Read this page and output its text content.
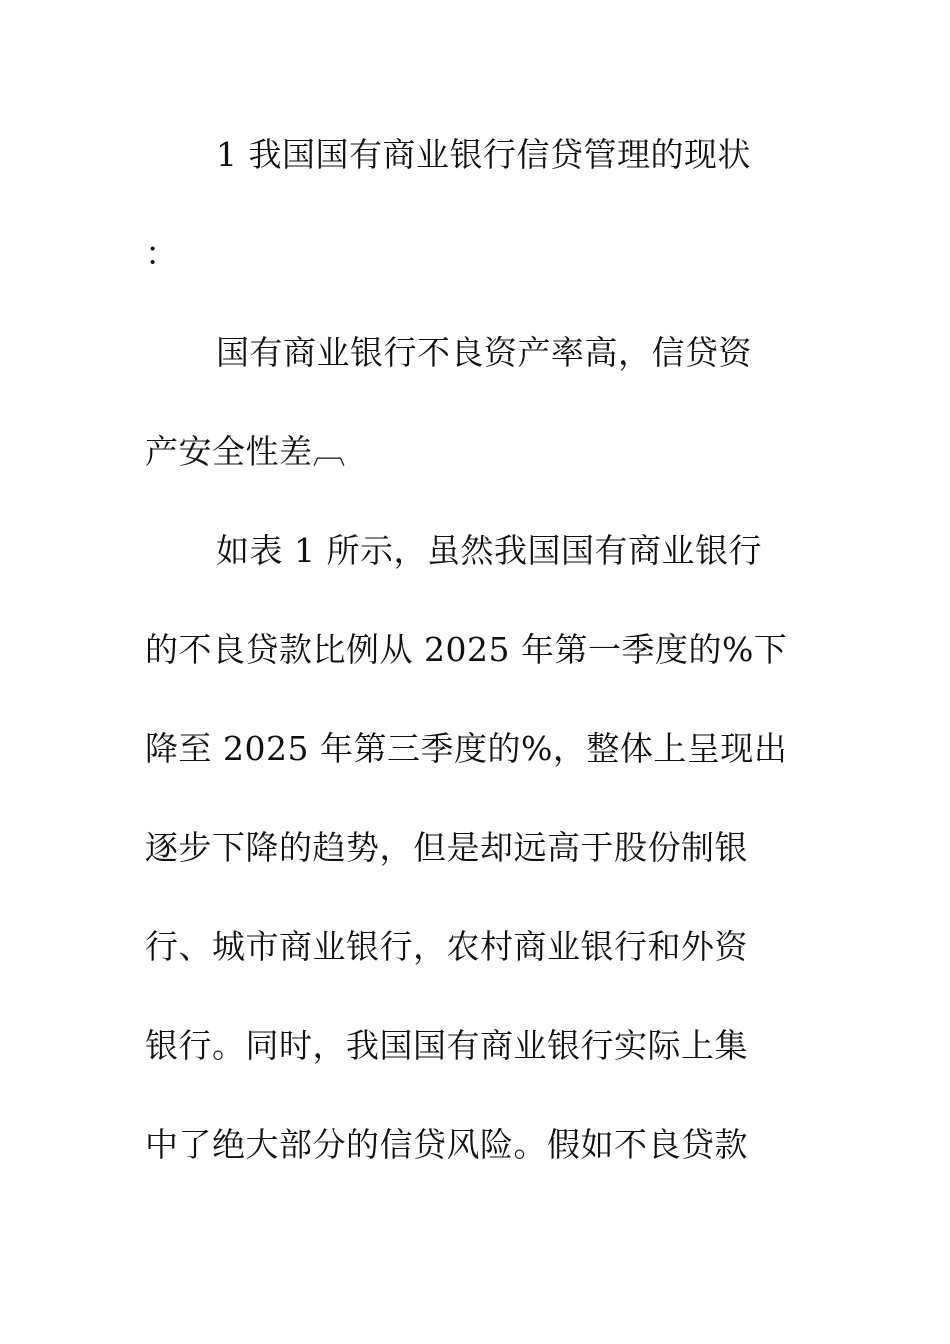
1 我国国有商业银行信贷管理的现状
：
国有商业银行不良资产率高，信贷资
产安全性差︹
如表 1 所示，虽然我国国有商业银行
的不良贷款比例从 2025 年第一季度的%下
降至 2025 年第三季度的%，整体上呈现出
逐步下降的趋势，但是却远高于股份制银
行、城市商业银行，农村商业银行和外资
银行。同时，我国国有商业银行实际上集
中了绝大部分的信贷风险。假如不良贷款
